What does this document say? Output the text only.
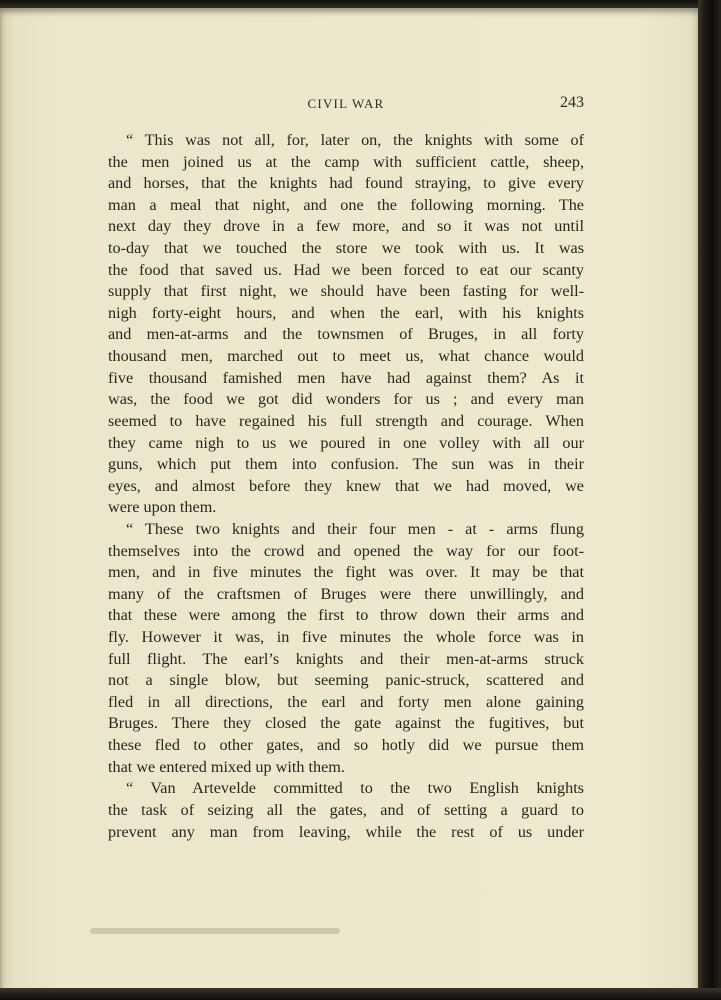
CIVIL WAR	243
“ This was not all, for, later on, the knights with some of
the men joined us at the camp with sufficient cattle, sheep,
and horses, that the knights had found straying, to give every
man a meal that night, and one the following morning. The
next day they drove in a few more, and so it was not until
to-day that we touched the store we took with us. It was
the food that saved us. Had we been forced to eat our scanty
supply that first night, we should have been fasting for well-
nigh forty-eight hours, and when the earl, with his knights
and men-at-arms and the townsmen of Bruges, in all forty
thousand men, marched out to meet us, what chance would
five thousand famished men have had against them? As it
was, the food we got did wonders for us ; and every man
seemed to have regained his full strength and courage. When
they came nigh to us we poured in one volley with all our
guns, which put them into confusion. The sun was in their
eyes, and almost before they knew that we had moved, we
were upon them.
“ These two knights and their four men - at - arms flung
themselves into the crowd and opened the way for our foot-
men, and in five minutes the fight was over. It may be that
many of the craftsmen of Bruges were there unwillingly, and
that these were among the first to throw down their arms and
fly. However it was, in five minutes the whole force was in
full flight. The earl’s knights and their men-at-arms struck
not a single blow, but seeming panic-struck, scattered and
fled in all directions, the earl and forty men alone gaining
Bruges. There they closed the gate against the fugitives, but
these fled to other gates, and so hotly did we pursue them
that we entered mixed up with them.
“ Van Artevelde committed to the two English knights
the task of seizing all the gates, and of setting a guard to
prevent any man from leaving, while the rest of us under
